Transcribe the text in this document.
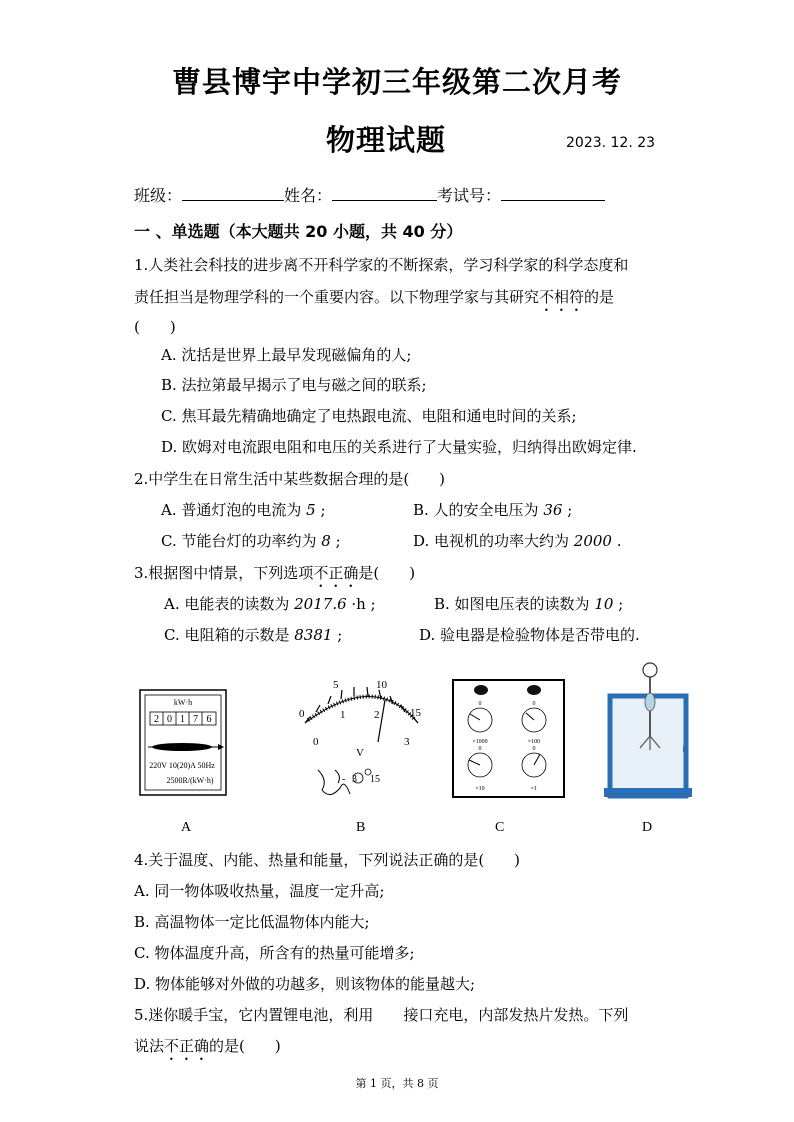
曹县博宇中学初三年级第二次月考
物理试题	2023. 12. 23
班级：	姓名：	考试号：
一 、单选题（本大题共 20 小题，共 40 分）
1.人类社会科技的进步离不开科学家的不断探索，学习科学家的科学态度和
责任担当是物理学科的一个重要内容。以下物理学家与其研究不相符的是
(　　)
A. 沈括是世界上最早发现磁偏角的人;
B. 法拉第最早揭示了电与磁之间的联系;
C. 焦耳最先精确地确定了电热跟电流、电阻和通电时间的关系;
D. 欧姆对电流跟电阻和电压的关系进行了大量实验，归纳得出欧姆定律.
2.中学生在日常生活中某些数据合理的是(　　)
A. 普通灯泡的电流为 5 ;	B. 人的安全电压为 36 ;
C. 节能台灯的功率约为 8 ;	D. 电视机的功率大约为 2000 .
3.根据图中情景，下列选项不正确是(　　)
A. 电能表的读数为 2017.6 ·h ;	B. 如图电压表的读数为 10 ;
C. 电阻箱的示数是 8381 ;	D. 验电器是检验物体是否带电的.
kW·h
2 0 1 7 6
220V 10(20)A 50Hz
2500R/(kW·h)
0
5	10
15
0
1	2
3
V
- 3 15
0
×1000
0
×100
0
×10
0
×1
A	B	C	D
4.关于温度、内能、热量和能量，下列说法正确的是(　　)
A. 同一物体吸收热量，温度一定升高;
B. 高温物体一定比低温物体内能大;
C. 物体温度升高，所含有的热量可能增多;
D. 物体能够对外做的功越多，则该物体的能量越大;
5.迷你暖手宝，它内置锂电池，利用　　接口充电，内部发热片发热。下列
说法不正确的是(　　)
第 1 页，共 8 页
